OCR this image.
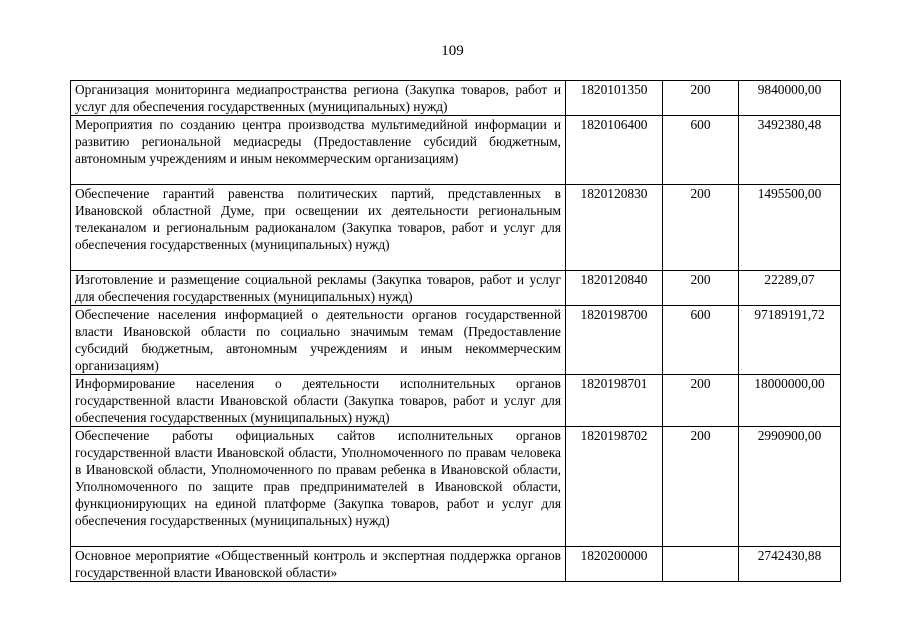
109
Организация мониторинга медиапространства региона (Закупка товаров, работ и услуг для обеспечения государственных (муниципальных) нужд)	1820101350	200	9840000,00
Мероприятия по созданию центра производства мультимедийной информации и развитию региональной медиасреды (Предоставление субсидий бюджетным, автономным учреждениям и иным некоммерческим организациям)	1820106400	600	3492380,48
Обеспечение гарантий равенства политических партий, представленных в Ивановской областной Думе, при освещении их деятельности региональным телеканалом и региональным радиоканалом (Закупка товаров, работ и услуг для обеспечения государственных (муниципальных) нужд)	1820120830	200	1495500,00
Изготовление и размещение социальной рекламы (Закупка товаров, работ и услуг для обеспечения государственных (муниципальных) нужд)	1820120840	200	22289,07
Обеспечение населения информацией о деятельности органов государственной власти Ивановской области по социально значимым темам (Предоставление субсидий бюджетным, автономным учреждениям и иным некоммерческим организациям)	1820198700	600	97189191,72
Информирование населения о деятельности исполнительных органов государственной власти Ивановской области (Закупка товаров, работ и услуг для обеспечения государственных (муниципальных) нужд)	1820198701	200	18000000,00
Обеспечение работы официальных сайтов исполнительных органов государственной власти Ивановской области, Уполномоченного по правам человека в Ивановской области, Уполномоченного по правам ребенка в Ивановской области, Уполномоченного по защите прав предпринимателей в Ивановской области, функционирующих на единой платформе (Закупка товаров, работ и услуг для обеспечения государственных (муниципальных) нужд)	1820198702	200	2990900,00
Основное мероприятие «Общественный контроль и экспертная поддержка органов государственной власти Ивановской области»	1820200000		2742430,88
